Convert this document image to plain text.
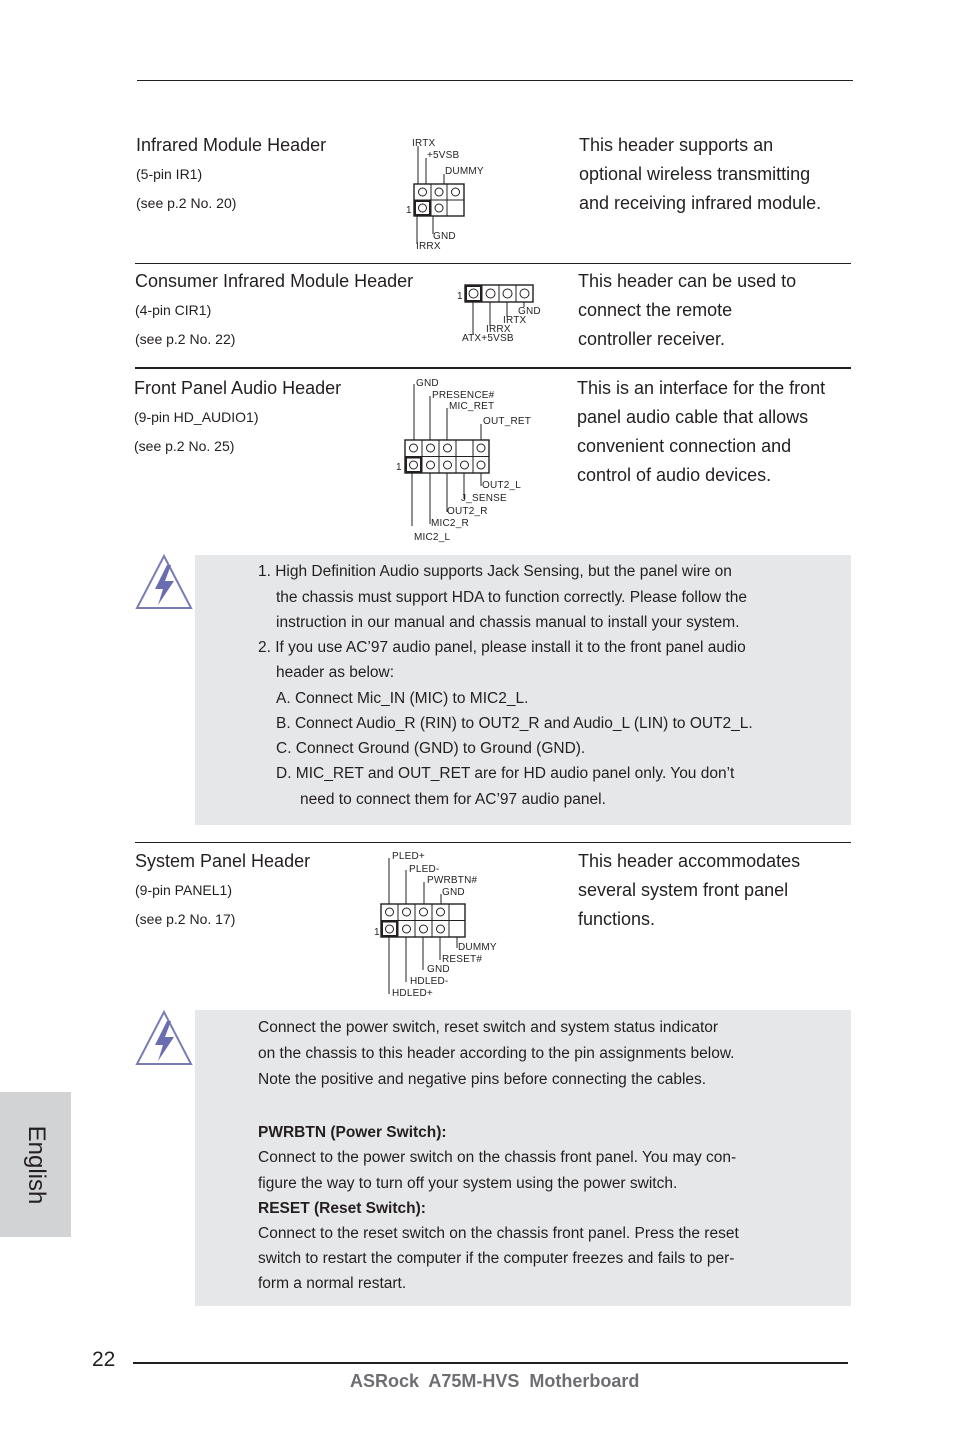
Infrared Module Header
(5-pin IR1)
(see p.2 No. 20)
This header supports an
optional wireless transmitting
and receiving infrared module.
IRTX
+5VSB
DUMMY
1
GND
IRRX
Consumer Infrared Module Header
(4-pin CIR1)
(see p.2 No. 22)
This header can be used to
connect the remote
controller receiver.
1
GND
IRTX
IRRX
ATX+5VSB
Front Panel Audio Header
(9-pin HD_AUDIO1)
(see p.2 No. 25)
This is an interface for the front
panel audio cable that allows
convenient connection and
control of audio devices.
GND
PRESENCE#
MIC_RET
OUT_RET
1
OUT2_L
J_SENSE
OUT2_R
MIC2_R
MIC2_L
1. High Definition Audio supports Jack Sensing, but the panel wire on
the chassis must support HDA to function correctly. Please follow the
instruction in our manual and chassis manual to install your system.
2. If you use AC’97 audio panel, please install it to the front panel audio
header as below:
A. Connect Mic_IN (MIC) to MIC2_L.
B. Connect Audio_R (RIN) to OUT2_R and Audio_L (LIN) to OUT2_L.
C. Connect Ground (GND) to Ground (GND).
D. MIC_RET and OUT_RET are for HD audio panel only. You don’t
need to connect them for AC’97 audio panel.
System Panel Header
(9-pin PANEL1)
(see p.2 No. 17)
This header accommodates
several system front panel
functions.
PLED+
PLED-
PWRBTN#
GND
1
DUMMY
RESET#
GND
HDLED-
HDLED+
Connect the power switch, reset switch and system status indicator
on the chassis to this header according to the pin assignments below.
Note the positive and negative pins before connecting the cables.
PWRBTN (Power Switch):
Connect to the power switch on the chassis front panel. You may con-
figure the way to turn off your system using the power switch.
RESET (Reset Switch):
Connect to the reset switch on the chassis front panel. Press the reset
switch to restart the computer if the computer freezes and fails to per-
form a normal restart.
English
22
ASRock  A75M-HVS  Motherboard
